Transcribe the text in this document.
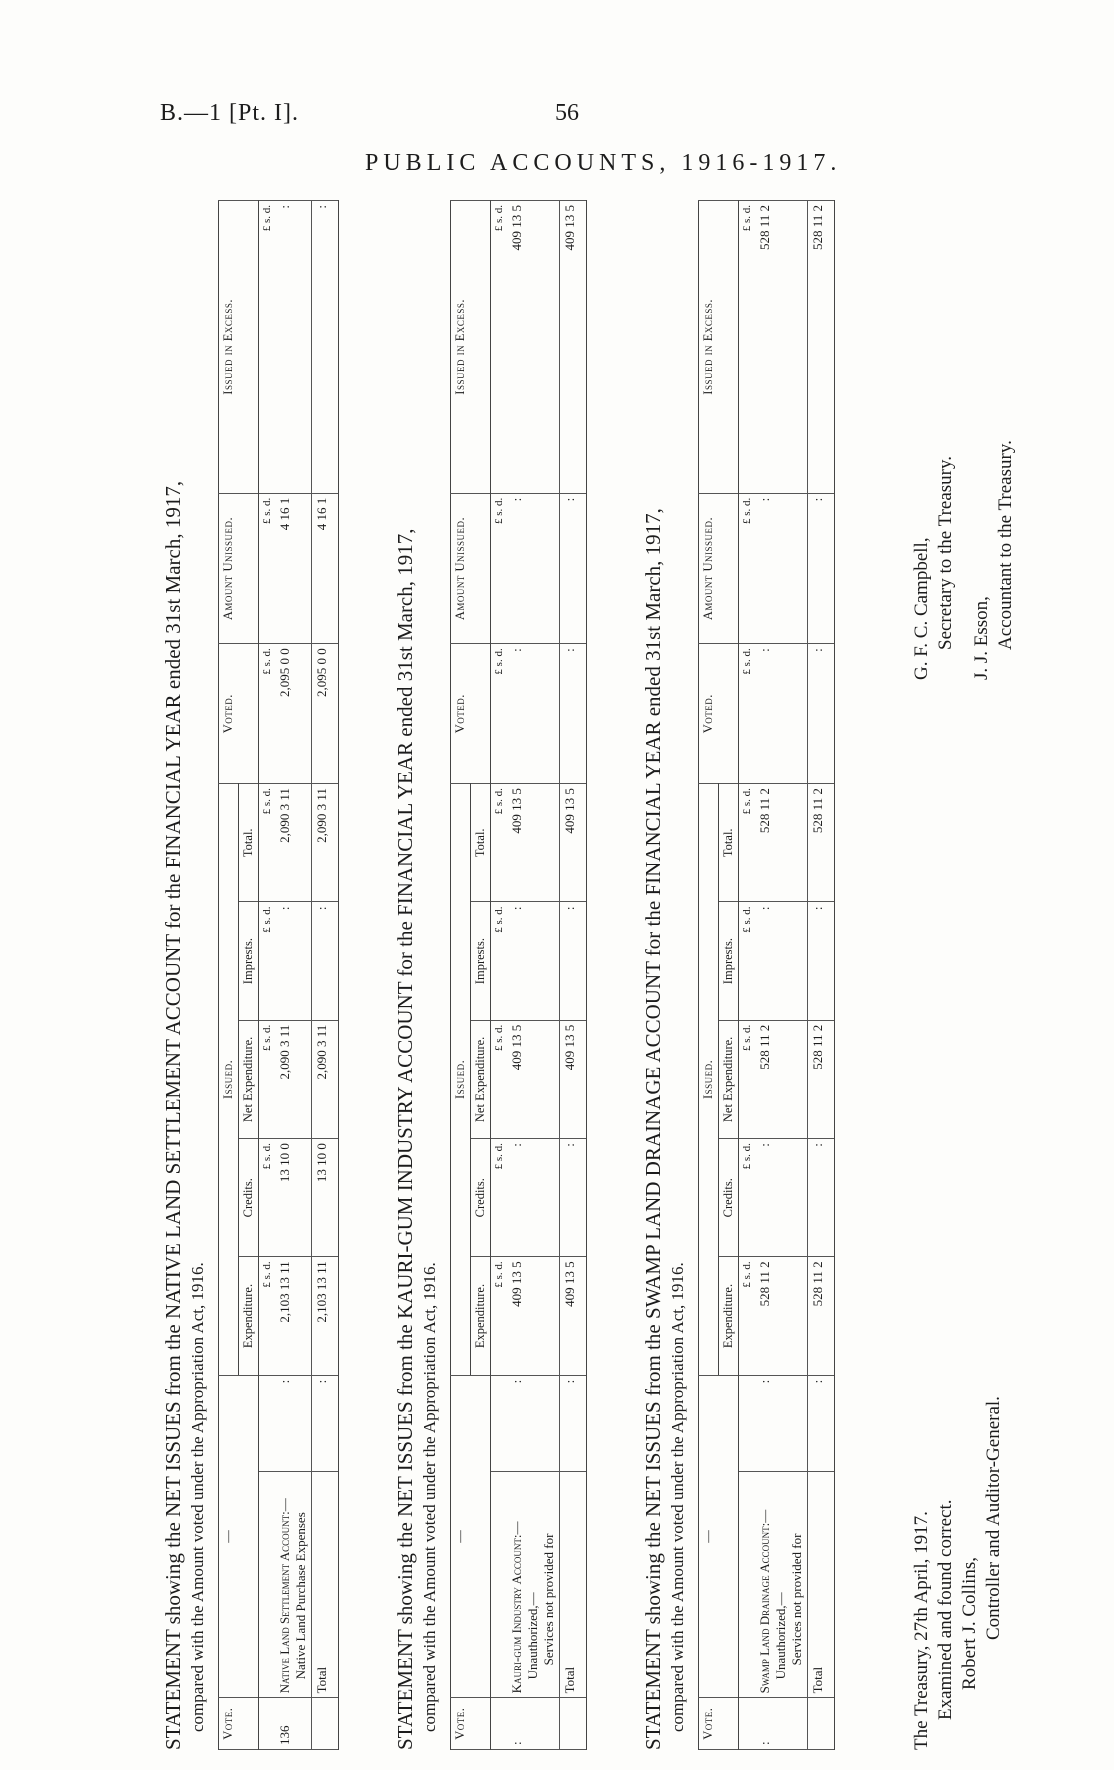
B.—1 [Pt. I].	56
PUBLIC ACCOUNTS, 1916-1917.
STATEMENT showing the NET ISSUES from the NATIVE LAND SETTLEMENT ACCOUNT for the FINANCIAL YEAR ended 31st March, 1917, compared with the Amount voted under the Appropriation Act, 1916. Vote.	—		Issued.					Voted.	Amount Unissued.	Issued in Excess.
			Expenditure.	Credits.	Net Expenditure.	Imprests.	Total.			
			£ s. d.	£ s. d.	£ s. d.	£ s. d.	£ s. d.	£ s. d.	£ s. d.	£ s. d.
136	Native Land Settlement Account:— Native Land Purchase Expenses	:	2,103 13 11	13 10 0	2,090 3 11	:	2,090 3 11	2,095 0 0	4 16 1	:
	Total	:	2,103 13 11	13 10 0	2,090 3 11	:	2,090 3 11	2,095 0 0	4 16 1	:
STATEMENT showing the NET ISSUES from the KAURI-GUM INDUSTRY ACCOUNT for the FINANCIAL YEAR ended 31st March, 1917, compared with the Amount voted under the Appropriation Act, 1916. Vote.	—		Issued.					Voted.	Amount Unissued.	Issued in Excess.
			Expenditure.	Credits.	Net Expenditure.	Imprests.	Total.			
			£ s. d.	£ s. d.	£ s. d.	£ s. d.	£ s. d.	£ s. d.	£ s. d.	£ s. d.
:	Kauri-gum Industry Account:— Unauthorized,— Services not provided for	:	409 13 5	:	409 13 5	:	409 13 5	:	:	409 13 5
	Total	:	409 13 5	:	409 13 5	:	409 13 5	:	:	409 13 5
STATEMENT showing the NET ISSUES from the SWAMP LAND DRAINAGE ACCOUNT for the FINANCIAL YEAR ended 31st March, 1917, compared with the Amount voted under the Appropriation Act, 1916. Vote.	—		Issued.					Voted.	Amount Unissued.	Issued in Excess.
			Expenditure.	Credits.	Net Expenditure.	Imprests.	Total.			
			£ s. d.	£ s. d.	£ s. d.	£ s. d.	£ s. d.	£ s. d.	£ s. d.	£ s. d.
:	Swamp Land Drainage Account:— Unauthorized,— Services not provided for	:	528 11 2	:	528 11 2	:	528 11 2	:	:	528 11 2
	Total	:	528 11 2	:	528 11 2	:	528 11 2	:	:	528 11 2
The Treasury, 27th April, 1917. Examined and found correct. Robert J. Collins, Controller and Auditor-General.
G. F. C. Campbell, Secretary to the Treasury. J. J. Esson, Accountant to the Treasury.
